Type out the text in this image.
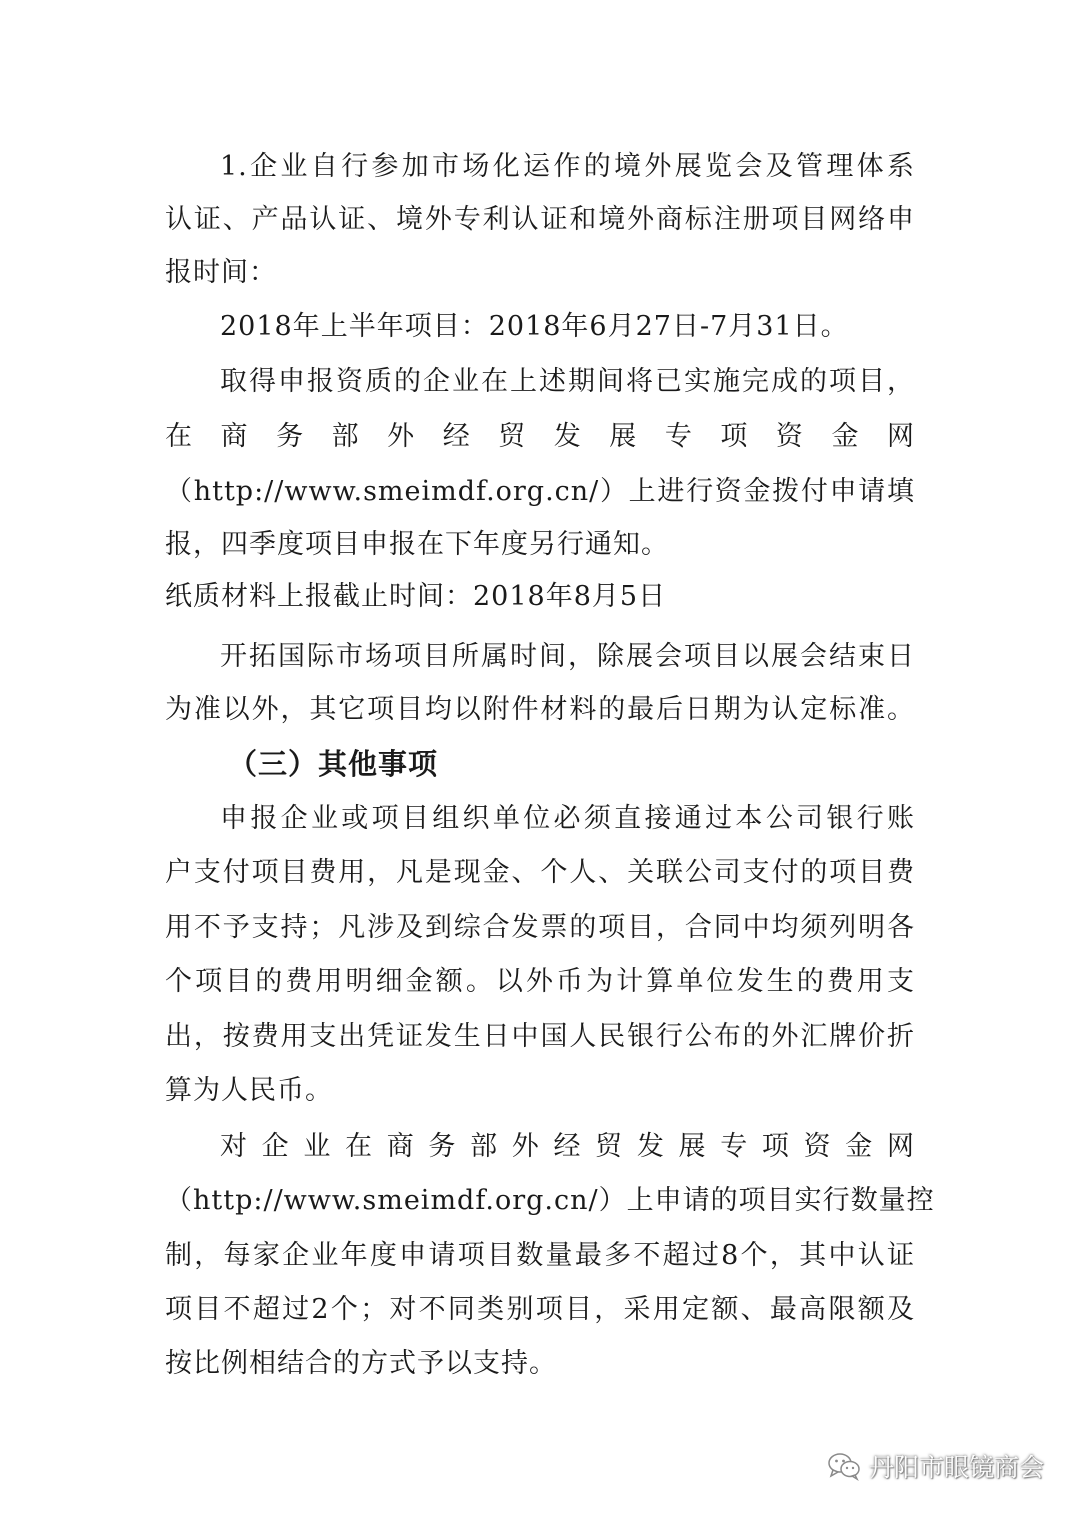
1.企业自行参加市场化运作的境外展览会及管理体系
认证、产品认证、境外专利认证和境外商标注册项目网络申
报时间：
2018年上半年项目：2018年6月27日-7月31日。
取得申报资质的企业在上述期间将已实施完成的项目，
在商务部外经贸发展专项资金网
（http://www.smeimdf.org.cn/）上进行资金拨付申请填
报，四季度项目申报在下年度另行通知。
纸质材料上报截止时间：2018年8月5日
开拓国际市场项目所属时间，除展会项目以展会结束日
为准以外，其它项目均以附件材料的最后日期为认定标准。
（三）其他事项
申报企业或项目组织单位必须直接通过本公司银行账
户支付项目费用，凡是现金、个人、关联公司支付的项目费
用不予支持；凡涉及到综合发票的项目，合同中均须列明各
个项目的费用明细金额。以外币为计算单位发生的费用支
出，按费用支出凭证发生日中国人民银行公布的外汇牌价折
算为人民币。
对企业在商务部外经贸发展专项资金网
（http://www.smeimdf.org.cn/）上申请的项目实行数量控
制，每家企业年度申请项目数量最多不超过8个，其中认证
项目不超过2个；对不同类别项目，采用定额、最高限额及
按比例相结合的方式予以支持。
丹阳市眼镜商会
